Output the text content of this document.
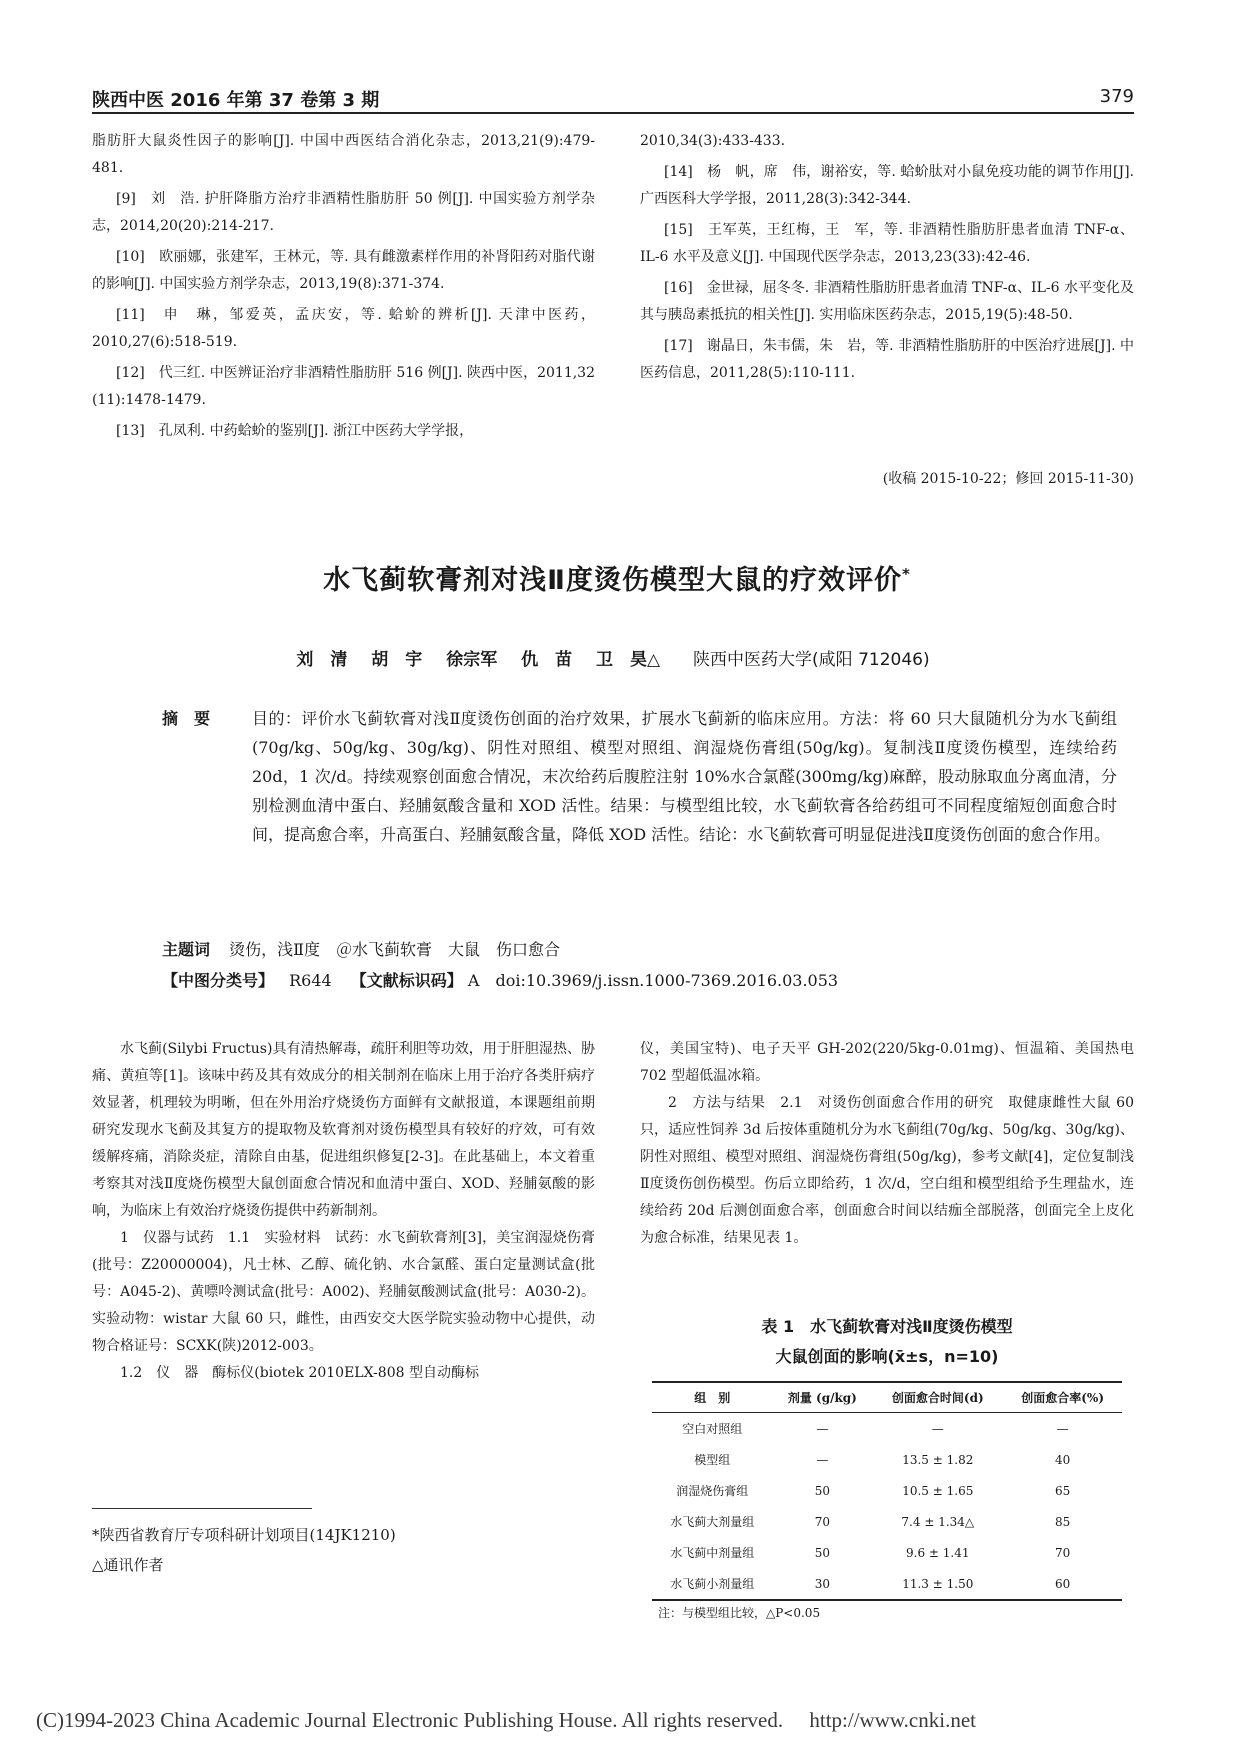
陕西中医 2016 年第 37 卷第 3 期	379

脂肪肝大鼠炎性因子的影响[J]. 中国中西医结合消化杂志，2013,21(9):479-481.

[9]　刘　浩. 护肝降脂方治疗非酒精性脂肪肝 50 例[J]. 中国实验方剂学杂志，2014,20(20):214-217.

[10]　欧丽娜，张建军，王林元，等. 具有雌激素样作用的补肾阳药对脂代谢的影响[J]. 中国实验方剂学杂志，2013,19(8):371-374.

[11]　申　琳，邹爱英，孟庆安，等. 蛤蚧的辨析[J]. 天津中医药，2010,27(6):518-519.

[12]　代三红. 中医辨证治疗非酒精性脂肪肝 516 例[J]. 陕西中医，2011,32 (11):1478-1479.

[13]　孔凤利. 中药蛤蚧的鉴别[J]. 浙江中医药大学学报，

2010,34(3):433-433.

[14]　杨　帆，席　伟，谢裕安，等. 蛤蚧肽对小鼠免疫功能的调节作用[J]. 广西医科大学学报，2011,28(3):342-344.

[15]　王军英，王红梅，王　军，等. 非酒精性脂肪肝患者血清 TNF-α、IL-6 水平及意义[J]. 中国现代医学杂志，2013,23(33):42-46.

[16]　金世禄，屈冬冬. 非酒精性脂肪肝患者血清 TNF-α、IL-6 水平变化及其与胰岛素抵抗的相关性[J]. 实用临床医药杂志，2015,19(5):48-50.

[17]　谢晶日，朱韦儒，朱　岩，等. 非酒精性脂肪肝的中医治疗进展[J]. 中医药信息，2011,28(5):110-111.

(收稿 2015-10-22；修回 2015-11-30)
水飞蓟软膏剂对浅Ⅱ度烫伤模型大鼠的疗效评价*
刘　清 胡　宇 徐宗军 仇　苗 卫　昊△ 陕西中医药大学(咸阳 712046)
摘　要	目的：评价水飞蓟软膏对浅Ⅱ度烫伤创面的治疗效果，扩展水飞蓟新的临床应用。方法：将 60 只大鼠随机分为水飞蓟组(70g/kg、50g/kg、30g/kg)、阴性对照组、模型对照组、润湿烧伤膏组(50g/kg)。复制浅Ⅱ度烫伤模型，连续给药 20d，1 次/d。持续观察创面愈合情况，末次给药后腹腔注射 10%水合氯醛(300mg/kg)麻醉，股动脉取血分离血清，分别检测血清中蛋白、羟脯氨酸含量和 XOD 活性。结果：与模型组比较，水飞蓟软膏各给药组可不同程度缩短创面愈合时间，提高愈合率，升高蛋白、羟脯氨酸含量，降低 XOD 活性。结论：水飞蓟软膏可明显促进浅Ⅱ度烫伤创面的愈合作用。
主题词 烫伤，浅Ⅱ度　＠水飞蓟软膏　大鼠　伤口愈合
【中图分类号】 R644 【文献标识码】 A　doi:10.3969/j.issn.1000-7369.2016.03.053

水飞蓟(Silybi Fructus)具有清热解毒，疏肝利胆等功效，用于肝胆湿热、胁痛、黄疸等[1]。该味中药及其有效成分的相关制剂在临床上用于治疗各类肝病疗效显著，机理较为明晰，但在外用治疗烧烫伤方面鲜有文献报道，本课题组前期研究发现水飞蓟及其复方的提取物及软膏剂对烫伤模型具有较好的疗效，可有效缓解疼痛，消除炎症，清除自由基，促进组织修复[2-3]。在此基础上，本文着重考察其对浅Ⅱ度烧伤模型大鼠创面愈合情况和血清中蛋白、XOD、羟脯氨酸的影响，为临床上有效治疗烧烫伤提供中药新制剂。

1　仪器与试药　1.1　实验材料　试药：水飞蓟软膏剂[3]，美宝润湿烧伤膏(批号：Z20000004)，凡士林、乙醇、硫化钠、水合氯醛、蛋白定量测试盒(批号：A045-2)、黄嘌呤测试盒(批号：A002)、羟脯氨酸测试盒(批号：A030-2)。实验动物：wistar 大鼠 60 只，雌性，由西安交大医学院实验动物中心提供，动物合格证号：SCXK(陕)2012-003。

1.2　仪　器　酶标仪(biotek 2010ELX-808 型自动酶标

仪，美国宝特)、电子天平 GH-202(220/5kg-0.01mg)、恒温箱、美国热电 702 型超低温冰箱。

2　方法与结果　2.1　对烫伤创面愈合作用的研究　取健康雌性大鼠 60 只，适应性饲养 3d 后按体重随机分为水飞蓟组(70g/kg、50g/kg、30g/kg)、阴性对照组、模型对照组、润湿烧伤膏组(50g/kg)，参考文献[4]，定位复制浅Ⅱ度烫伤创伤模型。伤后立即给药，1 次/d，空白组和模型组给予生理盐水，连续给药 20d 后测创面愈合率，创面愈合时间以结痂全部脱落，创面完全上皮化为愈合标准，结果见表 1。

表 1　水飞蓟软膏对浅Ⅱ度烫伤模型
大鼠创面的影响(x̄±s，n=10)
组　别	剂量 (g/kg)	创面愈合时间(d)	创面愈合率(%)
空白对照组	—	—	—
模型组	—	13.5 ± 1.82	40
润湿烧伤膏组	50	10.5 ± 1.65	65
水飞蓟大剂量组	70	7.4 ± 1.34△	85
水飞蓟中剂量组	50	9.6 ± 1.41	70
水飞蓟小剂量组	30	11.3 ± 1.50	60
注：与模型组比较，△P<0.05
*陕西省教育厅专项科研计划项目(14JK1210)
△通讯作者
(C)1994-2023 China Academic Journal Electronic Publishing House. All rights reserved.　 http://www.cnki.net
